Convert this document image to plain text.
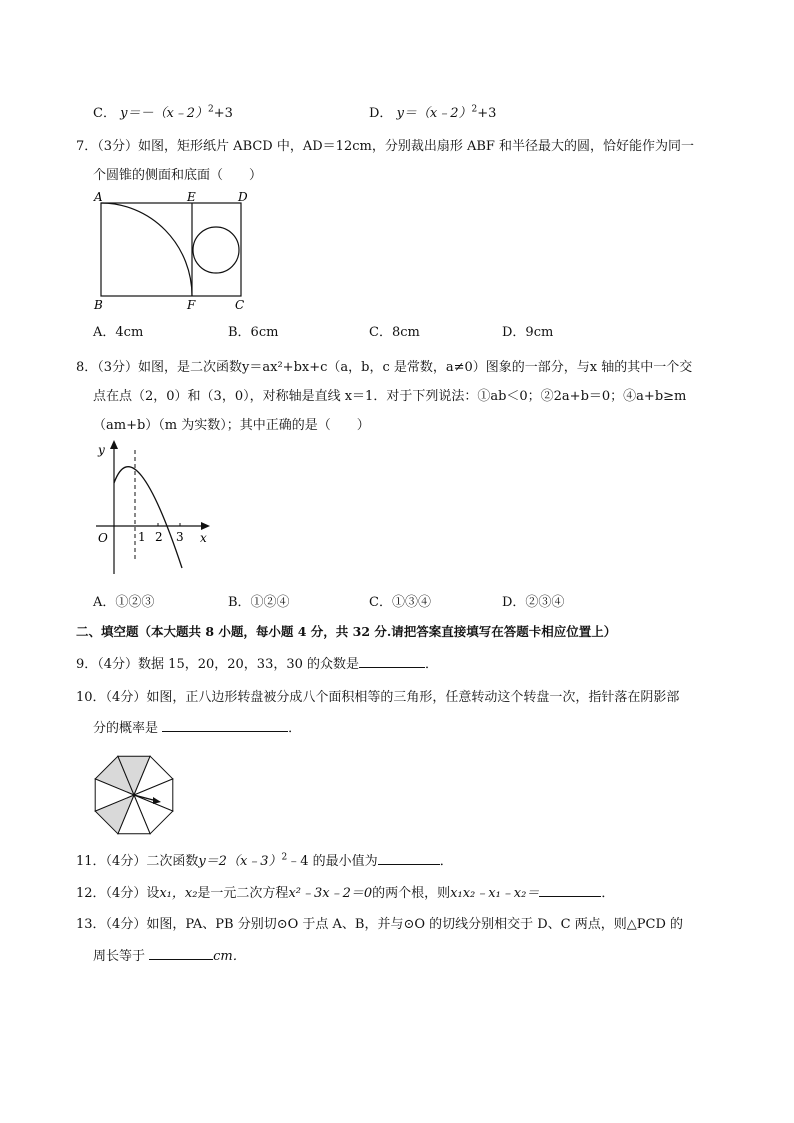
C． y＝－（x﹣2）$^2$+3	D． y＝（x﹣2）$^2$+3
7．（3分）如图，矩形纸片 ABCD 中，AD＝12cm，分别裁出扇形 ABF 和半径最大的圆，恰好能作为同一
个圆锥的侧面和底面（　　）
A
B
E
F
D
C
A．4cm	B．6cm	C．8cm	D．9cm
8．（3分）如图，是二次函数y＝ax²+bx+c（a，b，c 是常数，a≠0）图象的一部分，与x 轴的其中一个交
点在点（2，0）和（3，0），对称轴是直线 x＝1．对于下列说法：①ab＜0；②2a+b＝0；④a+b≥m
（am+b）（m 为实数）；其中正确的是（　　）
y
x
O	1 2 3
A．①②③	B．①②④	C．①③④	D．②③④
二、填空题（本大题共 8 小题，每小题 4 分，共 32 分.请把答案直接填写在答题卡相应位置上）
9．（4分）数据 15，20，20，33，30 的众数是	．
10．（4分）如图，正八边形转盘被分成八个面积相等的三角形，任意转动这个转盘一次，指针落在阴影部
分的概率是	．
11．（4分）二次函数y＝2（x﹣3）$^2$﹣4 的最小值为	．
12．（4分）设x₁，x₂是一元二次方程x²﹣3x﹣2＝0的两个根，则x₁x₂﹣x₁﹣x₂＝	．
13．（4分）如图，PA、PB 分别切⊙O 于点 A、B，并与⊙O 的切线分别相交于 D、C 两点，则△PCD 的
周长等于	cm．
